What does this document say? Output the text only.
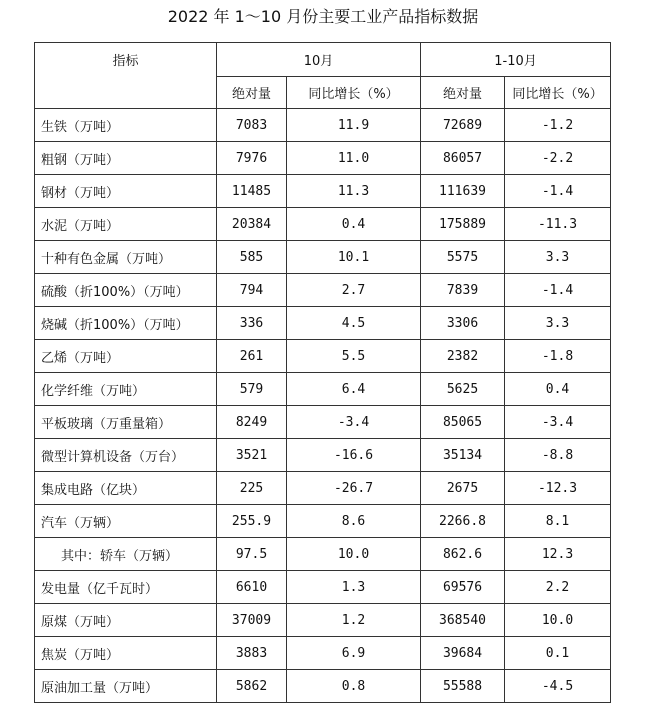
2022 年 1～10 月份主要工业产品指标数据
指标	10月		1-10月	
	绝对量	同比增长（%）	绝对量	同比增长（%）
生铁（万吨）	7083	11.9	72689	-1.2
粗钢（万吨）	7976	11.0	86057	-2.2
钢材（万吨）	11485	11.3	111639	-1.4
水泥（万吨）	20384	0.4	175889	-11.3
十种有色金属（万吨）	585	10.1	5575	3.3
硫酸（折100%）（万吨）	794	2.7	7839	-1.4
烧碱（折100%）（万吨）	336	4.5	3306	3.3
乙烯（万吨）	261	5.5	2382	-1.8
化学纤维（万吨）	579	6.4	5625	0.4
平板玻璃（万重量箱）	8249	-3.4	85065	-3.4
微型计算机设备（万台）	3521	-16.6	35134	-8.8
集成电路（亿块）	225	-26.7	2675	-12.3
汽车（万辆）	255.9	8.6	2266.8	8.1
其中：轿车（万辆）	97.5	10.0	862.6	12.3
发电量（亿千瓦时）	6610	1.3	69576	2.2
原煤（万吨）	37009	1.2	368540	10.0
焦炭（万吨）	3883	6.9	39684	0.1
原油加工量（万吨）	5862	0.8	55588	-4.5
